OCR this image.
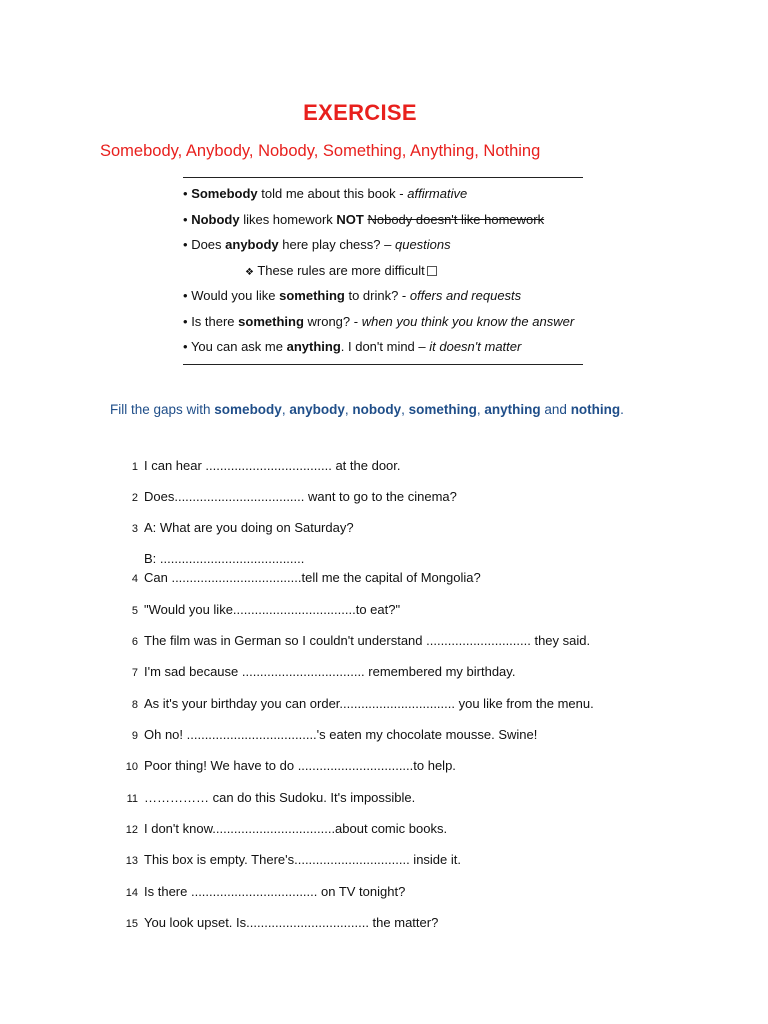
EXERCISE
Somebody, Anybody, Nobody, Something, Anything, Nothing
• Somebody told me about this book - affirmative
• Nobody likes homework NOT Nobody doesn't like homework
• Does anybody here play chess? – questions
❖ These rules are more difficult
• Would you like something to drink? - offers and requests
• Is there something wrong? - when you think you know the answer
• You can ask me anything. I don't mind – it doesn't matter
Fill the gaps with somebody, anybody, nobody, something, anything and nothing.
1 I can hear ................................... at the door.
2 Does.................................... want to go to the cinema?
3 A: What are you doing on Saturday?
B: ........................................
4 Can ....................................tell me the capital of Mongolia?
5 "Would you like..................................to eat?"
6 The film was in German so I couldn't understand ............................. they said.
7 I'm sad because .................................. remembered my birthday.
8 As it's your birthday you can order................................ you like from the menu.
9 Oh no! ....................................'s eaten my chocolate mousse. Swine!
10 Poor thing! We have to do ................................to help.
11 …………… can do this Sudoku. It's impossible.
12 I don't know..................................about comic books.
13 This box is empty. There's................................ inside it.
14 Is there ................................... on TV tonight?
15 You look upset. Is.................................. the matter?
